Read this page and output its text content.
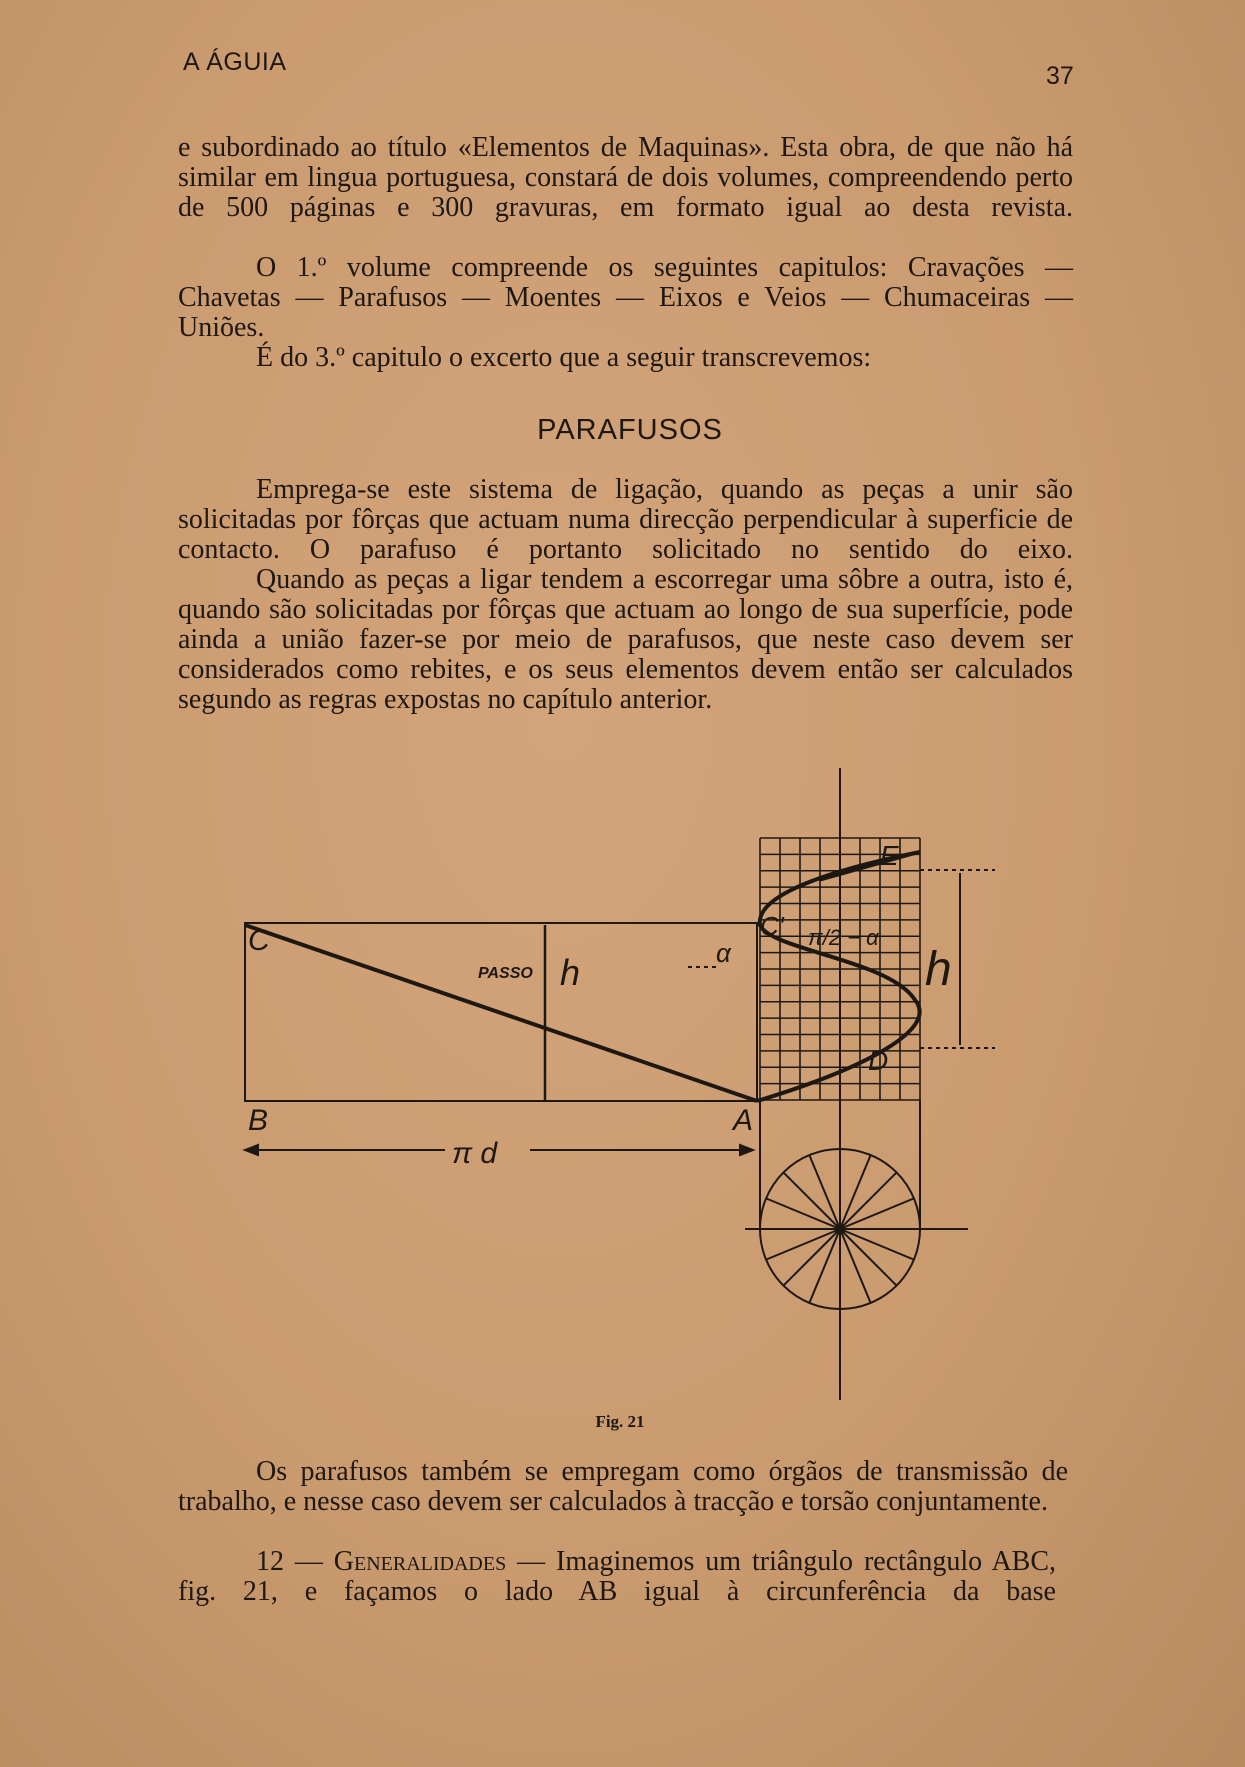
A ÁGUIA	37
e subordinado ao título «Elementos de Maquinas». Esta obra, de que não há similar em lingua portuguesa, constará de dois volumes, compreendendo perto de 500 páginas e 300 gravuras, em formato igual ao desta revista.
O 1.º volume compreende os seguintes capitulos: Cravações — Chavetas — Parafusos — Moentes — Eixos e Veios — Chumaceiras — Uniões.
É do 3.º capitulo o excerto que a seguir transcrevemos:
PARAFUSOS
Emprega-se este sistema de ligação, quando as peças a unir são solicitadas por fôrças que actuam numa direcção perpendicular à superficie de contacto. O parafuso é portanto solicitado no sentido do eixo.
Quando as peças a ligar tendem a escorregar uma sôbre a outra, isto é, quando são solicitadas por fôrças que actuam ao longo de sua superfície, pode ainda a união fazer-se por meio de parafusos, que neste caso devem ser considerados como rebites, e os seus elementos devem então ser calculados segundo as regras expostas no capítulo anterior.
C
B	A
E
C'
D
α
π/2 − α
PASSO h	h
π d
Fig. 21
Os parafusos também se empregam como órgãos de transmissão de trabalho, e nesse caso devem ser calculados à tracção e torsão conjuntamente.
12 — Generalidades — Imaginemos um triângulo rectângulo ABC, fig. 21, e façamos o lado AB igual à circunferência da base
